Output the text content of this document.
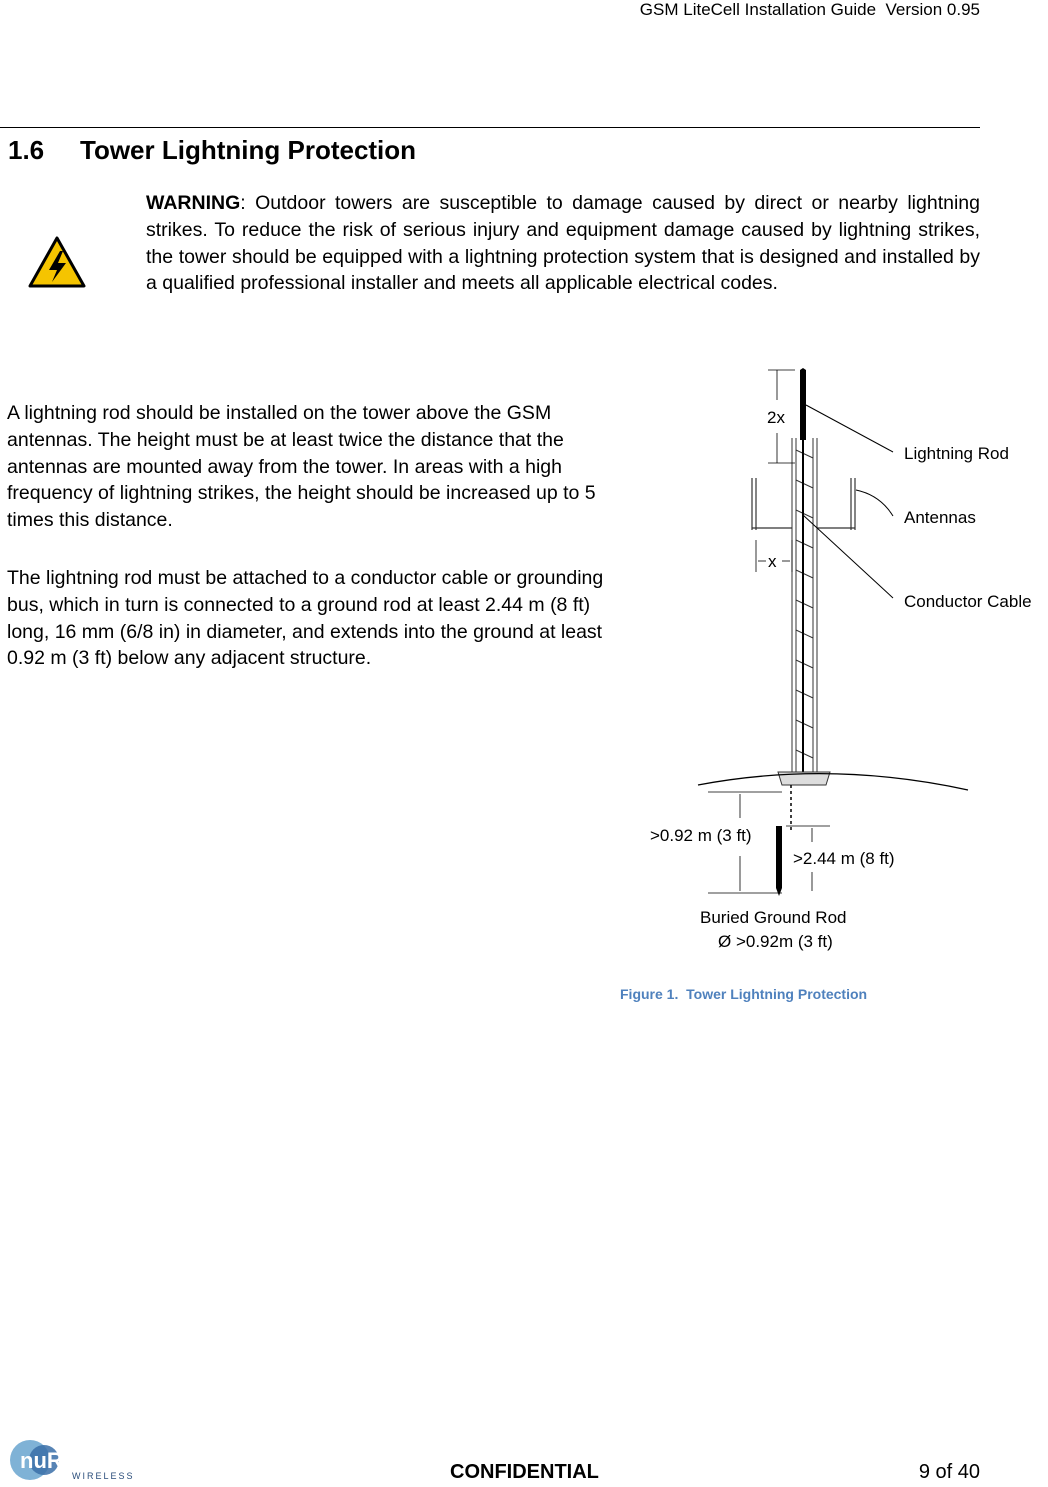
GSM LiteCell Installation Guide Version 0.95
1.6 Tower Lightning Protection
WARNING: Outdoor towers are susceptible to damage caused by direct or nearby lightning strikes. To reduce the risk of serious injury and equipment damage caused by lightning strikes, the tower should be equipped with a lightning protection system that is designed and installed by a qualified professional installer and meets all applicable electrical codes.
A lightning rod should be installed on the tower above the GSM antennas. The height must be at least twice the distance that the antennas are mounted away from the tower. In areas with a high frequency of lightning strikes, the height should be increased up to 5 times this distance.
The lightning rod must be attached to a conductor cable or grounding bus, which in turn is connected to a ground rod at least 2.44 m (8 ft) long, 16 mm (6/8 in) in diameter, and extends into the ground at least 0.92 m (3 ft) below any adjacent structure.
2x
x
Lightning Rod
Antennas
Conductor Cable
>0.92 m (3 ft)
>2.44 m (8 ft)
Buried Ground Rod
Ø >0.92m (3 ft)
Figure 1. Tower Lightning Protection
nuRAN
WIRELESS	CONFIDENTIAL	9 of 40
